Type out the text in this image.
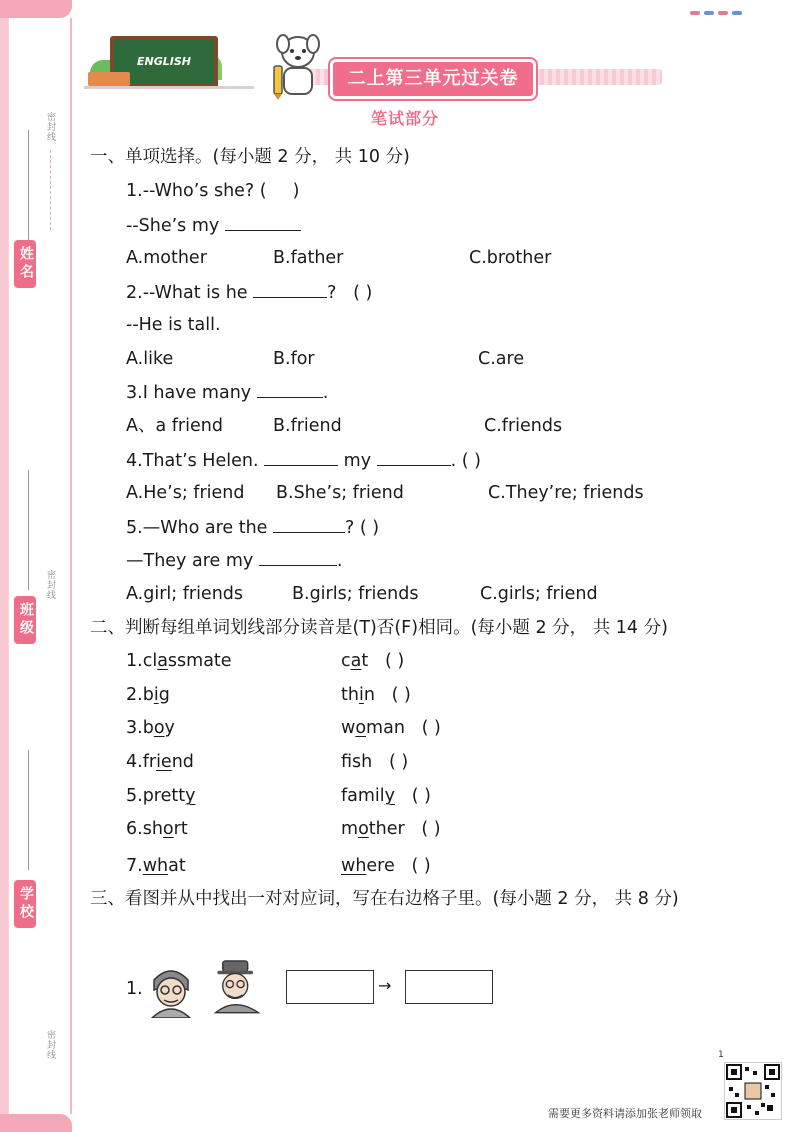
密封线
姓名
密封线
班级
学校
密封线
ENGLISH
二上第三单元过关卷
笔试部分
一、单项选择。(每小题 2 分， 共 10 分)
1.--Who’s she? ( )
--She’s my
A.mother	B.father	C.brother
2.--What is he	? ( )
--He is tall.
A.like	B.for	C.are
3.I have many	.
A、a friend	B.friend	C.friends
4.That’s Helen.	my	. ( )
A.He’s; friend B.She’s; friend	C.They’re; friends
5.—Who are the	? ( )
—They are my	.
A.girl; friends	B.girls; friends	C.girls; friend
二、判断每组单词划线部分读音是(T)否(F)相同。(每小题 2 分， 共 14 分)
1.classmate	cat ( )
2.big	thin ( )
3.boy	woman ( )
4.friend	fsh ( )
5.pretty	family ( )
6.short	mother ( )
7.what	where ( )
三、看图并从中找出一对对应词，写在右边格子里。(每小题 2 分， 共 8 分)
1.	→
1
需要更多资料请添加张老师领取
